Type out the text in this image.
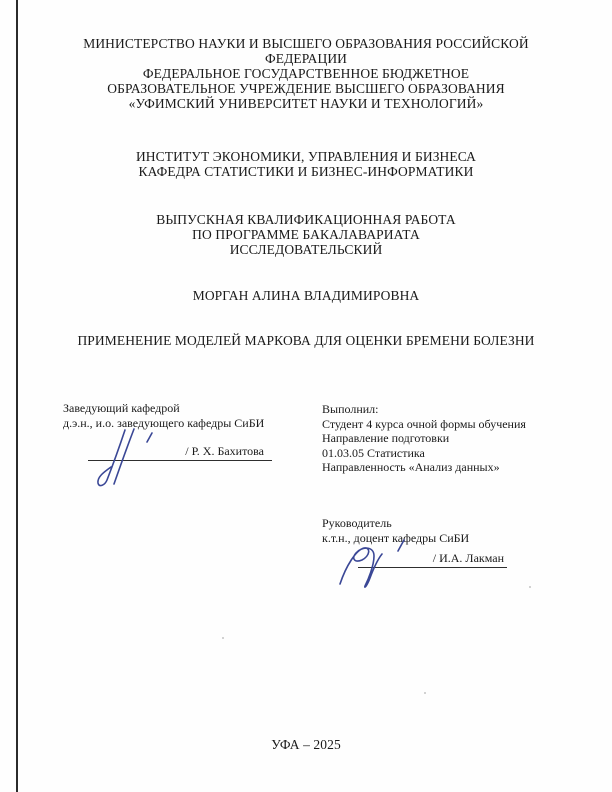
МИНИСТЕРСТВО НАУКИ И ВЫСШЕГО ОБРАЗОВАНИЯ РОССИЙСКОЙ
ФЕДЕРАЦИИ
ФЕДЕРАЛЬНОЕ ГОСУДАРСТВЕННОЕ БЮДЖЕТНОЕ
ОБРАЗОВАТЕЛЬНОЕ УЧРЕЖДЕНИЕ ВЫСШЕГО ОБРАЗОВАНИЯ
«УФИМСКИЙ УНИВЕРСИТЕТ НАУКИ И ТЕХНОЛОГИЙ»
ИНСТИТУТ ЭКОНОМИКИ, УПРАВЛЕНИЯ И БИЗНЕСА
КАФЕДРА СТАТИСТИКИ И БИЗНЕС-ИНФОРМАТИКИ
ВЫПУСКНАЯ КВАЛИФИКАЦИОННАЯ РАБОТА
ПО ПРОГРАММЕ БАКАЛАВАРИАТА
ИССЛЕДОВАТЕЛЬСКИЙ
МОРГАН АЛИНА ВЛАДИМИРОВНА
ПРИМЕНЕНИЕ МОДЕЛЕЙ МАРКОВА ДЛЯ ОЦЕНКИ БРЕМЕНИ БОЛЕЗНИ
Заведующий кафедрой
д.э.н., и.о. заведующего кафедры СиБИ
/ Р. Х. Бахитова
Выполнил:
Студент 4 курса очной формы обучения
Направление подготовки
01.03.05 Статистика
Направленность «Анализ данных»
Руководитель
к.т.н., доцент кафедры СиБИ
/ И.А. Лакман
УФА – 2025
